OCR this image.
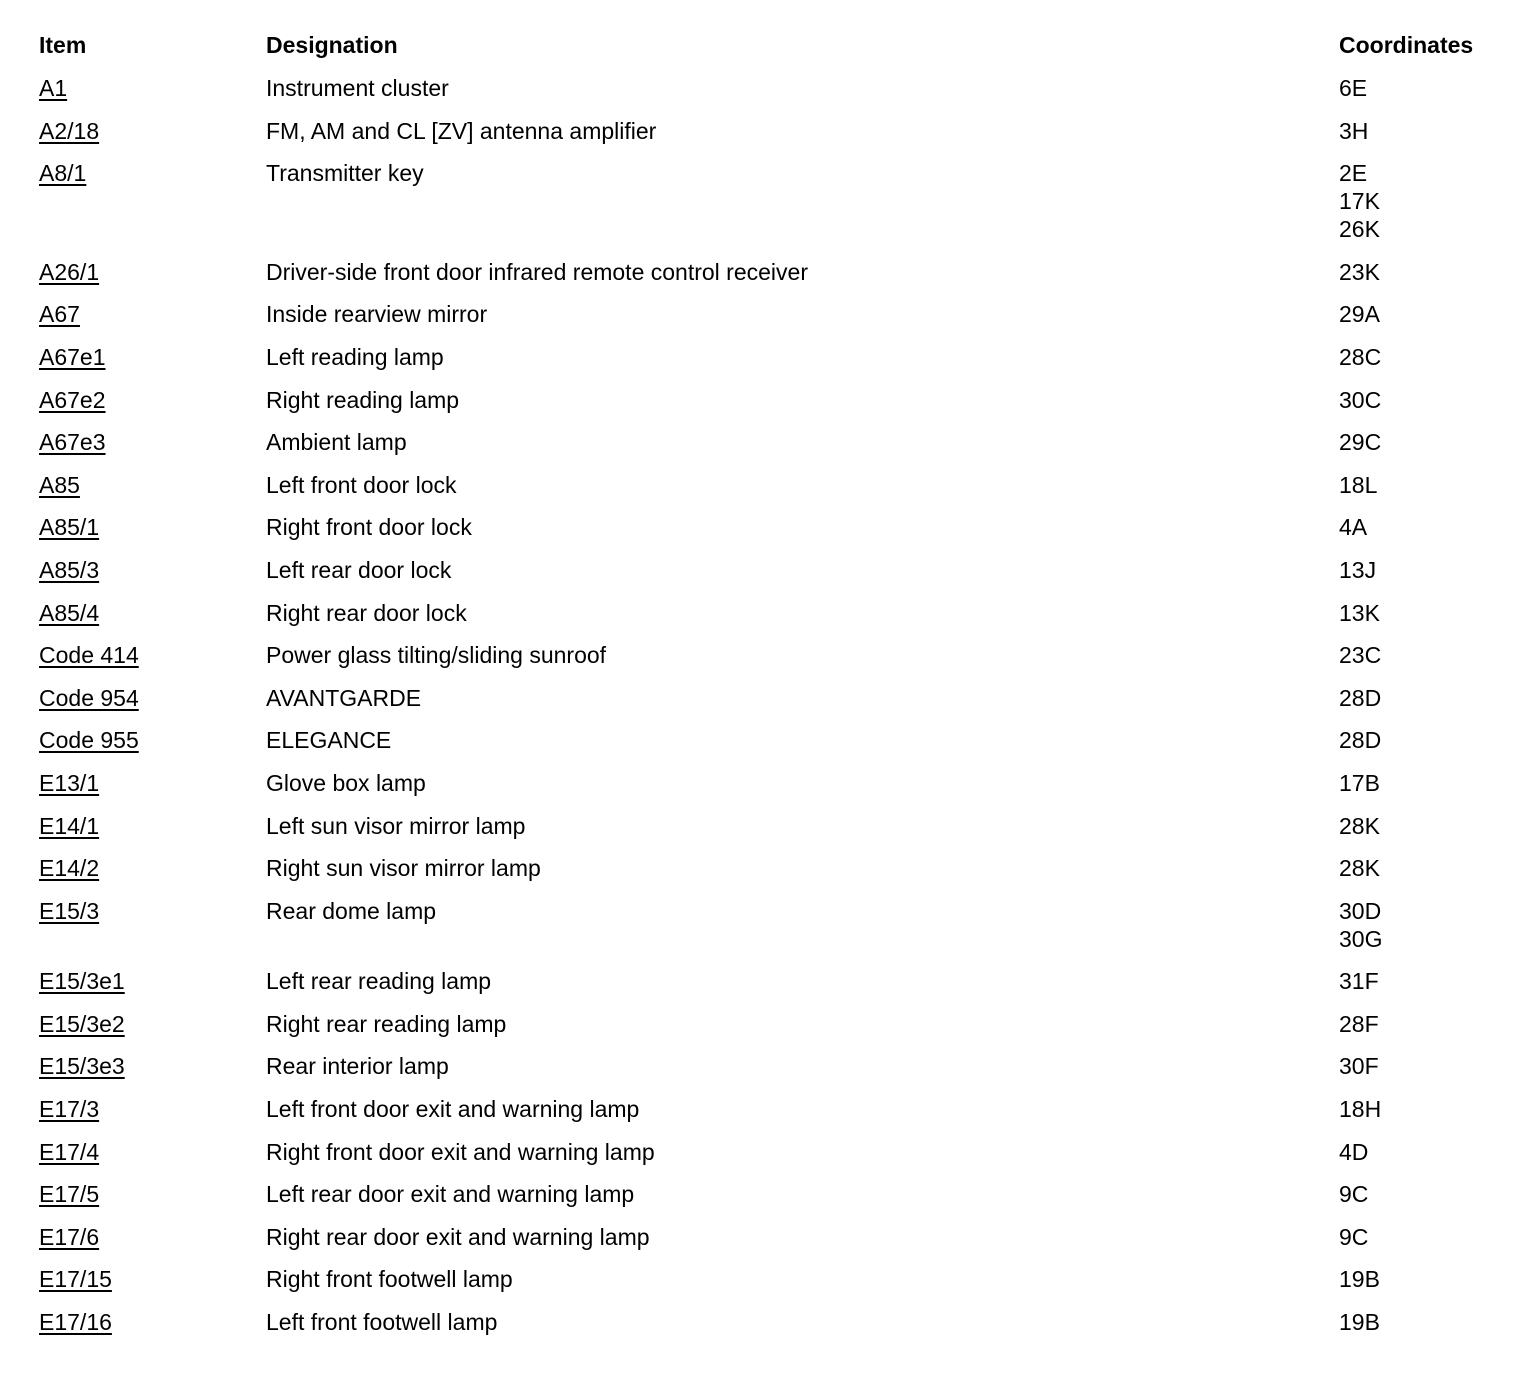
Item	Designation	Coordinates
A1	Instrument cluster	6E

A2/18	FM, AM and CL [ZV] antenna amplifier	3H

A8/1	Transmitter key	2E
17K
26K

A26/1	Driver-side front door infrared remote control receiver	23K

A67	Inside rearview mirror	29A

A67e1	Left reading lamp	28C

A67e2	Right reading lamp	30C

A67e3	Ambient lamp	29C

A85	Left front door lock	18L

A85/1	Right front door lock	4A

A85/3	Left rear door lock	13J

A85/4	Right rear door lock	13K

Code 414	Power glass tilting/sliding sunroof	23C

Code 954	AVANTGARDE	28D

Code 955	ELEGANCE	28D

E13/1	Glove box lamp	17B

E14/1	Left sun visor mirror lamp	28K

E14/2	Right sun visor mirror lamp	28K

E15/3	Rear dome lamp	30D
30G

E15/3e1	Left rear reading lamp	31F

E15/3e2	Right rear reading lamp	28F

E15/3e3	Rear interior lamp	30F

E17/3	Left front door exit and warning lamp	18H

E17/4	Right front door exit and warning lamp	4D

E17/5	Left rear door exit and warning lamp	9C

E17/6	Right rear door exit and warning lamp	9C

E17/15	Right front footwell lamp	19B

E17/16	Left front footwell lamp	19B
